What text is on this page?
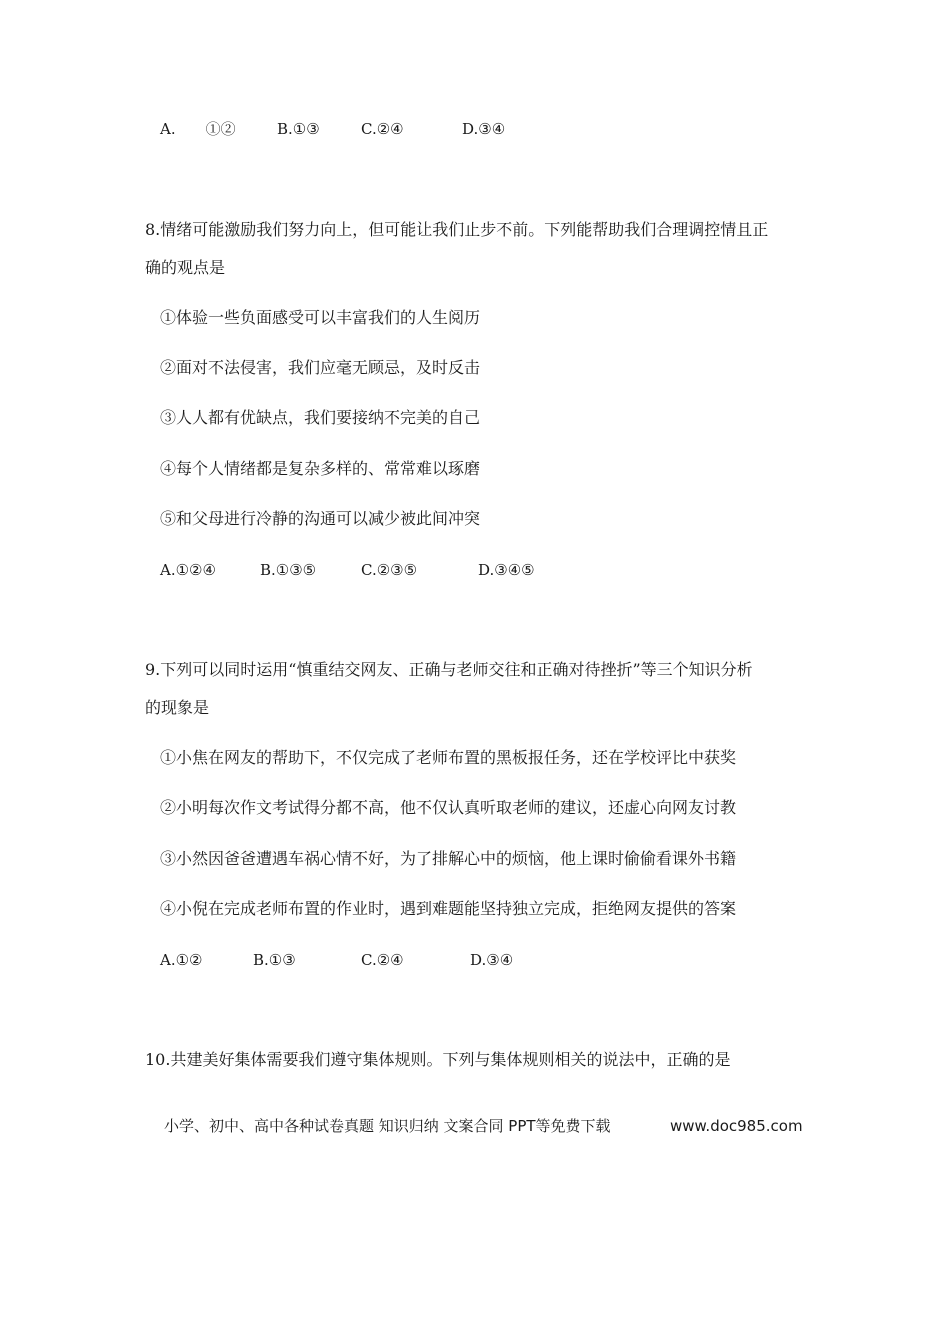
A.　　①②	B.①③	C.②④	D.③④
8.情绪可能激励我们努力向上，但可能让我们止步不前。下列能帮助我们合理调控情且正
确的观点是
①体验一些负面感受可以丰富我们的人生阅历
②面对不法侵害，我们应毫无顾忌，及时反击
③人人都有优缺点，我们要接纳不完美的自己
④每个人情绪都是复杂多样的、常常难以琢磨
⑤和父母进行冷静的沟通可以减少被此间冲突
A.①②④	B.①③⑤	C.②③⑤	D.③④⑤
9.下列可以同时运用“慎重结交网友、正确与老师交往和正确对待挫折”等三个知识分析
的现象是
①小焦在网友的帮助下，不仅完成了老师布置的黑板报任务，还在学校评比中获奖
②小明每次作文考试得分都不高，他不仅认真听取老师的建议，还虚心向网友讨教
③小然因爸爸遭遇车祸心情不好，为了排解心中的烦恼，他上课时偷偷看课外书籍
④小倪在完成老师布置的作业时，遇到难题能坚持独立完成，拒绝网友提供的答案
A.①②	B.①③	C.②④	D.③④
10.共建美好集体需要我们遵守集体规则。下列与集体规则相关的说法中，正确的是
小学、初中、高中各种试卷真题 知识归纳 文案合同 PPT等免费下载	www.doc985.com
